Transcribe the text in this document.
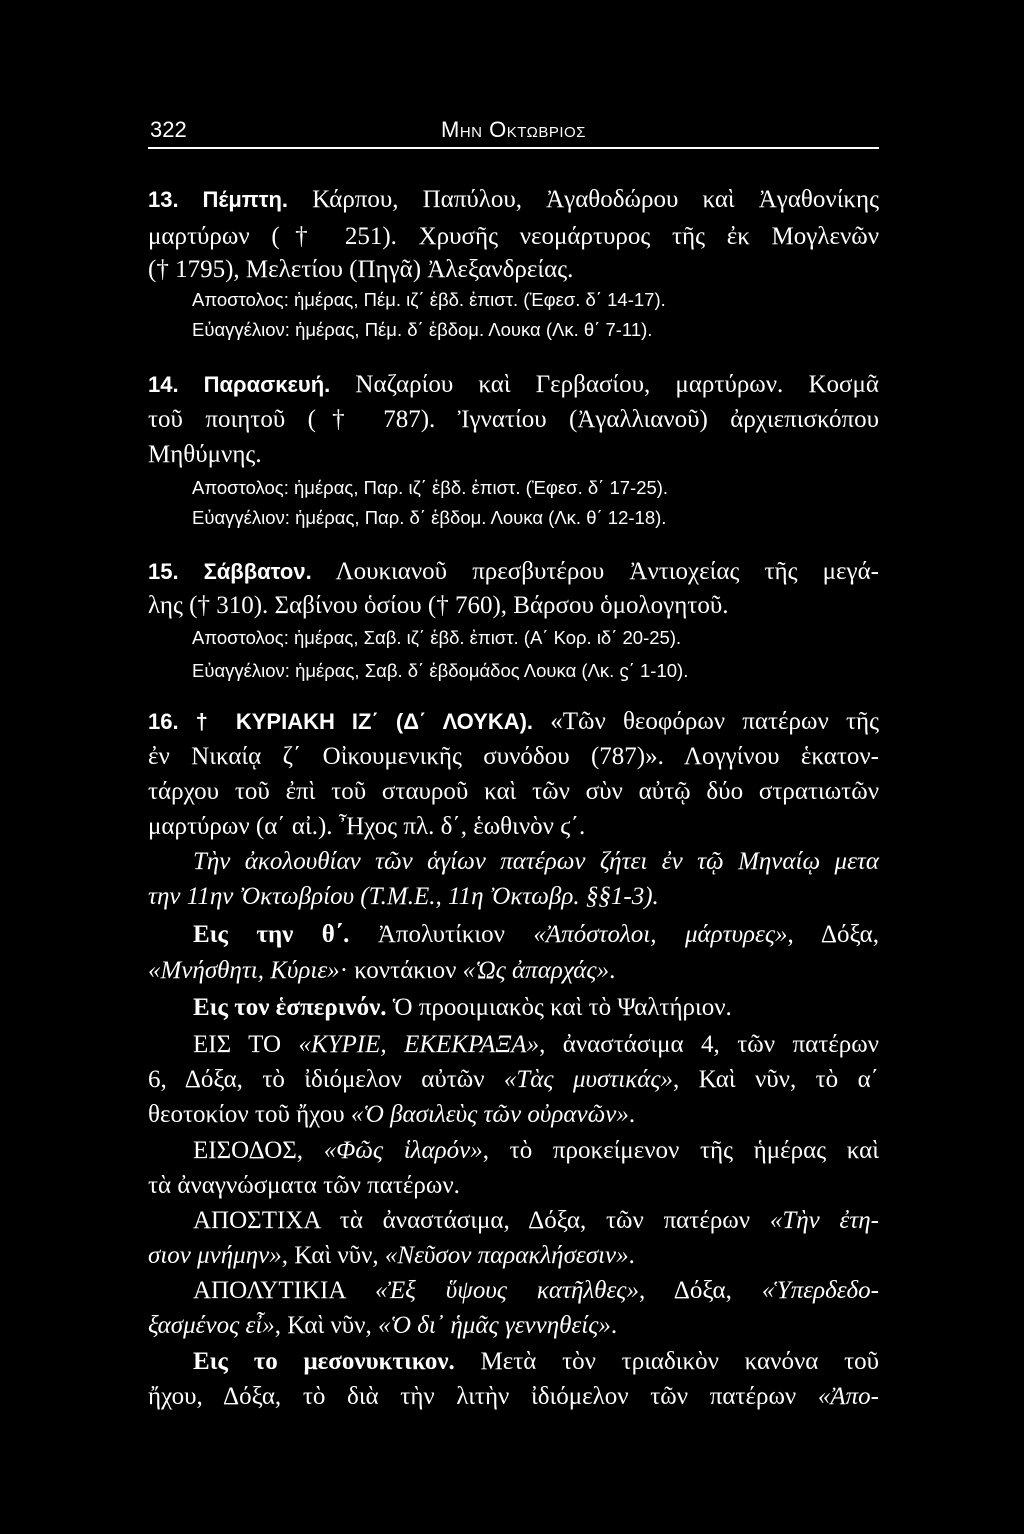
322	Μην Οκτωβριος
13. Πέμπτη. Κάρπου, Παπύλου, Ἀγαθοδώρου καὶ Ἀγαθονίκης
μαρτύρων († 251). Χρυσῆς νεομάρτυρος τῆς ἐκ Μογλενῶν
(† 1795), Μελετίου (Πηγᾶ) Ἀλεξανδρείας.
Αποστολος: ἡμέρας, Πέμ. ιζ΄ ἑβδ. ἐπιστ. (Ἐφεσ. δ΄ 14-17).
Εὐαγγέλιον: ἡμέρας, Πέμ. δ΄ ἑβδομ. Λουκα (Λκ. θ΄ 7-11).
14. Παρασκευή. Ναζαρίου καὶ Γερβασίου, μαρτύρων. Κοσμᾶ
τοῦ ποιητοῦ († 787). Ἰγνατίου (Ἀγαλλιανοῦ) ἀρχιεπισκόπου
Μηθύμνης.
Αποστολος: ἡμέρας, Παρ. ιζ΄ ἑβδ. ἐπιστ. (Ἐφεσ. δ΄ 17-25).
Εὐαγγέλιον: ἡμέρας, Παρ. δ΄ ἑβδομ. Λουκα (Λκ. θ΄ 12-18).
15. Σάββατον. Λουκιανοῦ πρεσβυτέρου Ἀντιοχείας τῆς μεγά-
λης († 310). Σαβίνου ὁσίου († 760), Βάρσου ὁμολογητοῦ.
Αποστολος: ἡμέρας, Σαβ. ιζ΄ ἑβδ. ἐπιστ. (Α΄ Κορ. ιδ΄ 20-25).
Εὐαγγέλιον: ἡμέρας, Σαβ. δ΄ ἑβδομάδος Λουκα (Λκ. ϛ΄ 1-10).
16. † ΚΥΡΙΑΚΗ ΙΖ΄ (Δ΄ ΛΟΥΚΑ). «Τῶν θεοφόρων πατέρων τῆς
ἐν Νικαίᾳ ζ΄ Οἰκουμενικῆς συνόδου (787)». Λογγίνου ἑκατον-
τάρχου τοῦ ἐπὶ τοῦ σταυροῦ καὶ τῶν σὺν αὐτῷ δύο στρατιωτῶν
μαρτύρων (α΄ αἰ.). Ἦχος πλ. δ΄, ἑωθινὸν ϛ΄.
Τὴν ἀκολουθίαν τῶν ἁγίων πατέρων ζήτει ἐν τῷ Μηναίῳ μετα
την 11ην Ὀκτωβρίου (Τ.Μ.Ε., 11η Ὀκτωβρ. §§1-3).
Εις την θ΄. Ἀπολυτίκιον «Ἀπόστολοι, μάρτυρες», Δόξα,
«Μνήσθητι, Κύριε»· κοντάκιον «Ὡς ἀπαρχάς».
Εις τον ἑσπερινόν. Ὁ προοιμιακὸς καὶ τὸ Ψαλτήριον.
ΕΙΣ ΤΟ «ΚΥΡΙΕ, ΕΚΕΚΡΑΞΑ», ἀναστάσιμα 4, τῶν πατέρων
6, Δόξα, τὸ ἰδιόμελον αὐτῶν «Τὰς μυστικάς», Καὶ νῦν, τὸ α΄
θεοτοκίον τοῦ ἤχου «Ὁ βασιλεὺς τῶν οὐρανῶν».
ΕΙΣΟΔΟΣ, «Φῶς ἱλαρόν», τὸ προκείμενον τῆς ἡμέρας καὶ
τὰ ἀναγνώσματα τῶν πατέρων.
ΑΠΟΣΤΙΧΑ τὰ ἀναστάσιμα, Δόξα, τῶν πατέρων «Τὴν ἐτη-
σιον μνήμην», Καὶ νῦν, «Νεῦσον παρακλήσεσιν».
ΑΠΟΛΥΤΙΚΙΑ «Ἐξ ὕψους κατῆλθες», Δόξα, «Ὑπερδεδο-
ξασμένος εἶ», Καὶ νῦν, «Ὁ δι᾿ ἡμᾶς γεννηθείς».
Εις το μεσονυκτικον. Μετὰ τὸν τριαδικὸν κανόνα τοῦ
ἤχου, Δόξα, τὸ διὰ τὴν λιτὴν ἰδιόμελον τῶν πατέρων «Ἀπο-
